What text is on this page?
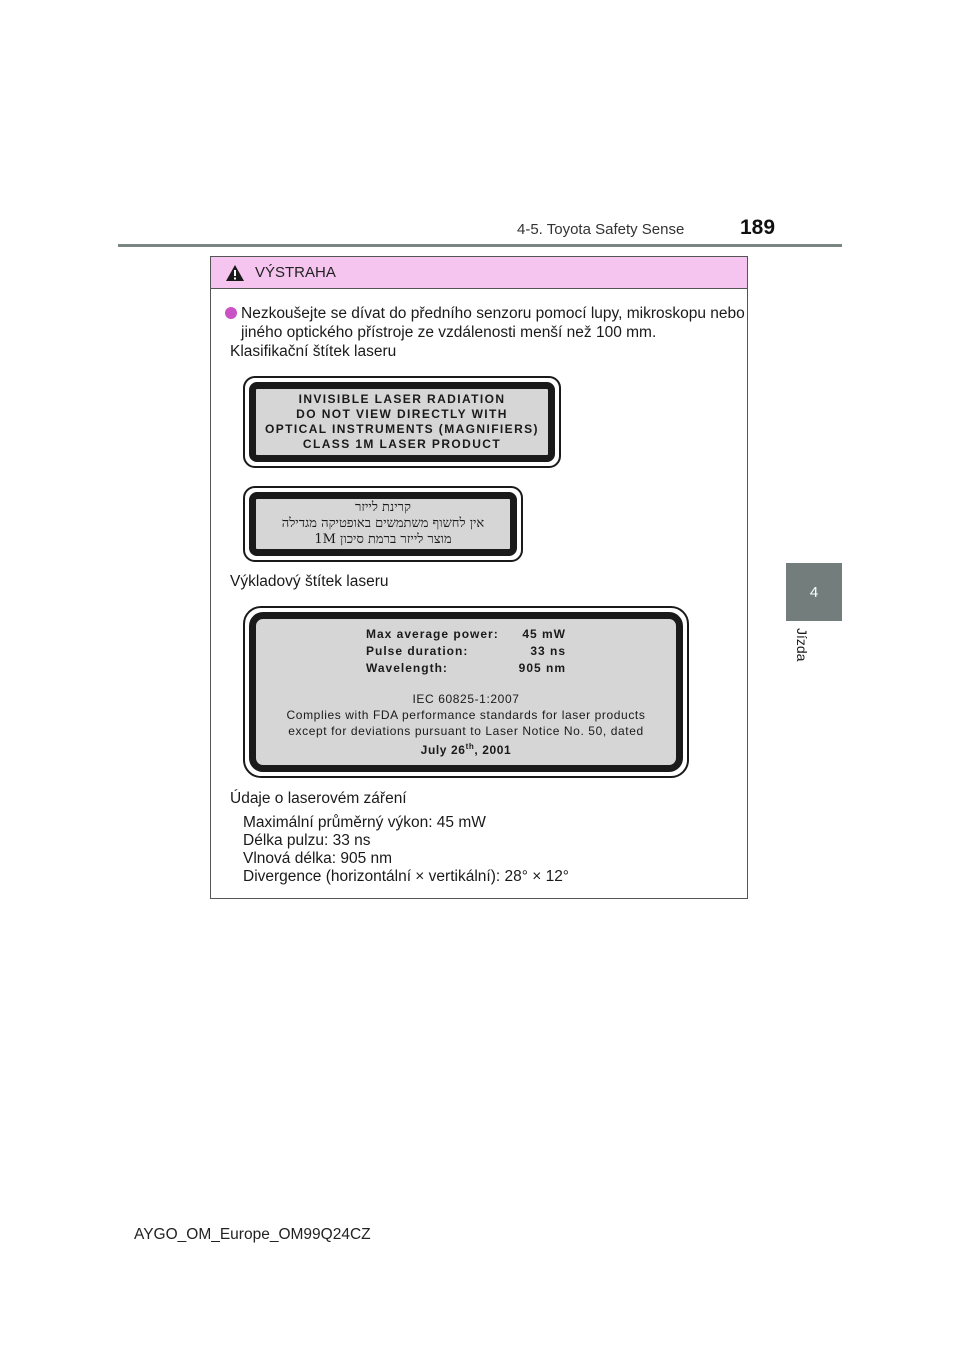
4-5. Toyota Safety Sense	189
4
Jízda
VÝSTRAHA
Nezkoušejte se dívat do předního senzoru pomocí lupy, mikroskopu nebo
jiného optického přístroje ze vzdálenosti menší než 100 mm.
Klasifikační štítek laseru
INVISIBLE LASER RADIATION
DO NOT VIEW DIRECTLY WITH
OPTICAL INSTRUMENTS (MAGNIFIERS)
CLASS 1M LASER PRODUCT
קרינת לייזר
אין לחשוף משתמשים באופטיקה מגדילה
מוצר לייזר ברמת סיכון 1M
Výkladový štítek laseru
Max average power:	45 mW
Pulse duration:	33 ns
Wavelength:	905 nm
IEC 60825-1:2007
Complies with FDA performance standards for laser products
except for deviations pursuant to Laser Notice No. 50, dated
July 26th, 2001
Údaje o laserovém záření
Maximální průměrný výkon: 45 mW
Délka pulzu: 33 ns
Vlnová délka: 905 nm
Divergence (horizontální × vertikální): 28° × 12°
AYGO_OM_Europe_OM99Q24CZ
